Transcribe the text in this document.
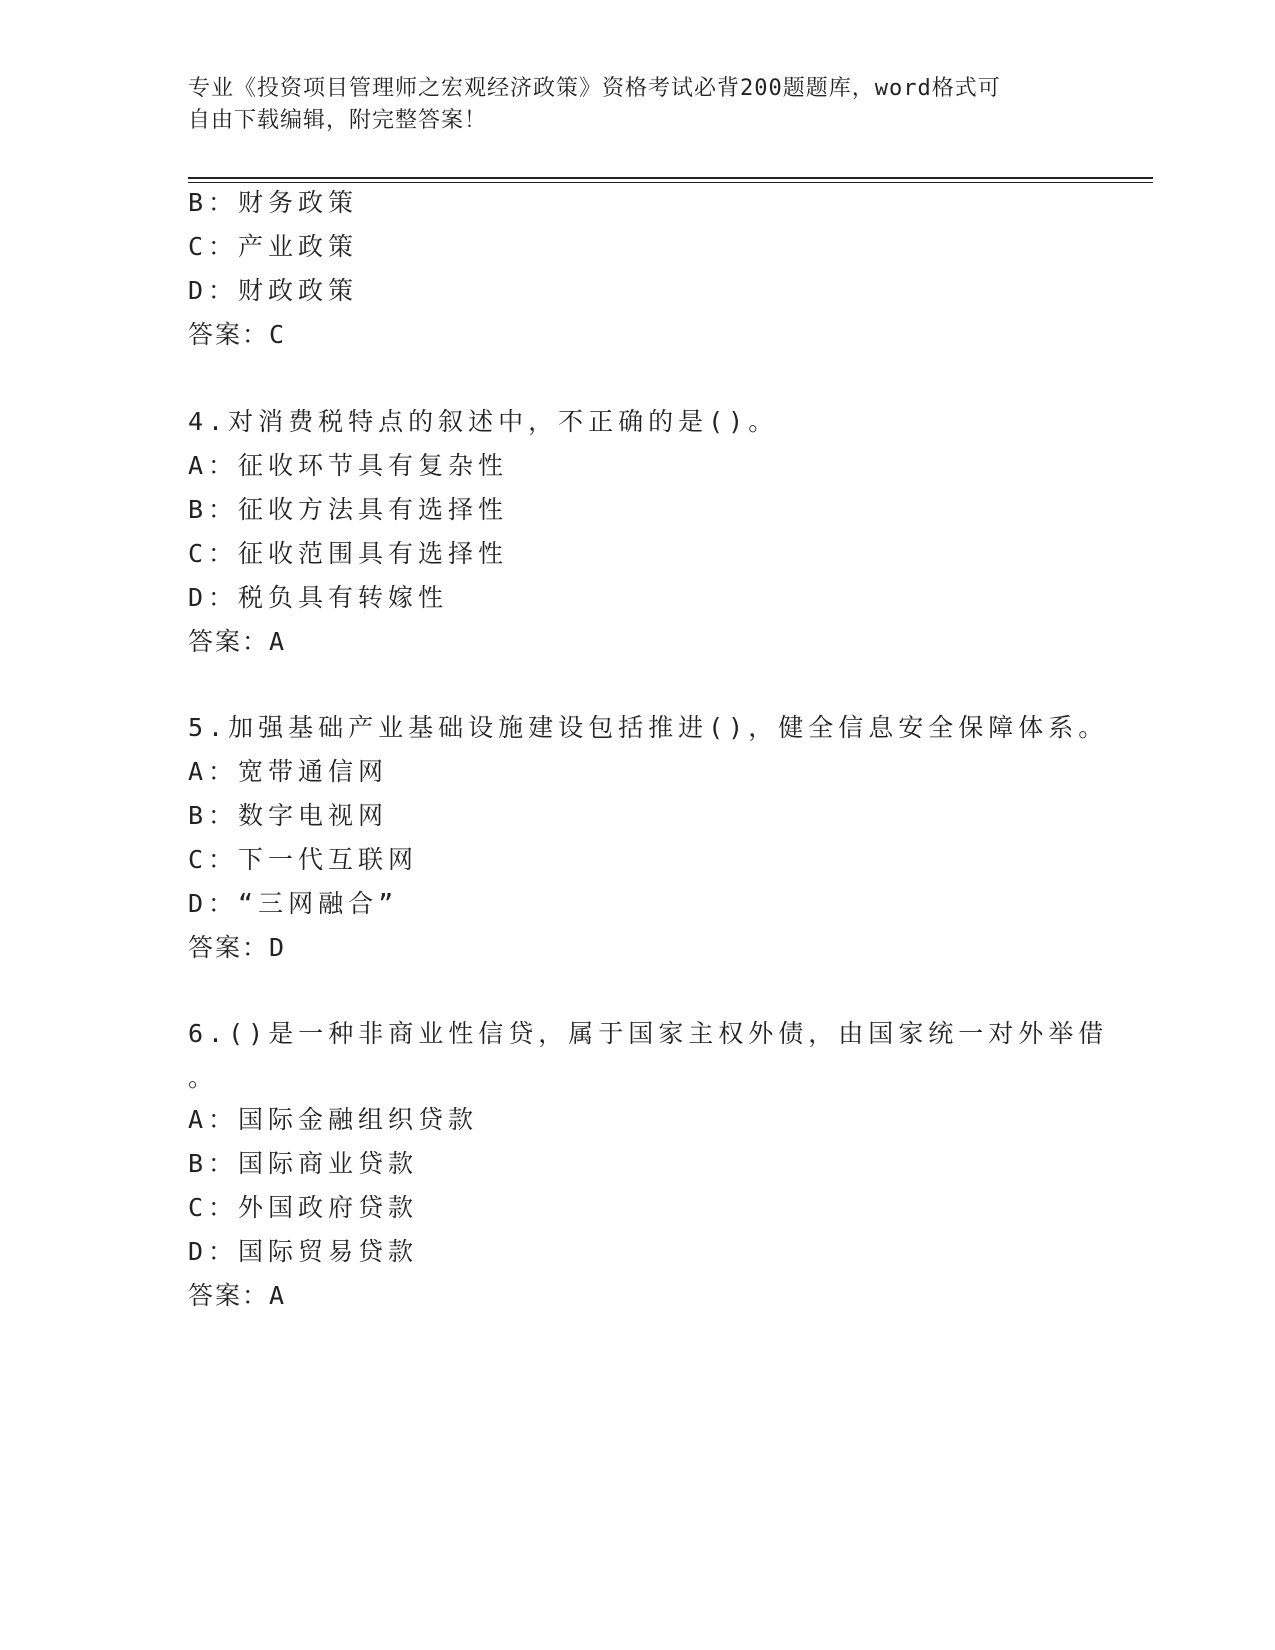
专业《投资项目管理师之宏观经济政策》资格考试必背200题题库，word格式可
自由下载编辑，附完整答案！
B：财务政策
C：产业政策
D：财政政策
答案：C
4.对消费税特点的叙述中，不正确的是()。
A：征收环节具有复杂性
B：征收方法具有选择性
C：征收范围具有选择性
D：税负具有转嫁性
答案：A
5.加强基础产业基础设施建设包括推进()，健全信息安全保障体系。
A：宽带通信网
B：数字电视网
C：下一代互联网
D：“三网融合”
答案：D
6.()是一种非商业性信贷，属于国家主权外债，由国家统一对外举借
。
A：国际金融组织贷款
B：国际商业贷款
C：外国政府贷款
D：国际贸易贷款
答案：A
